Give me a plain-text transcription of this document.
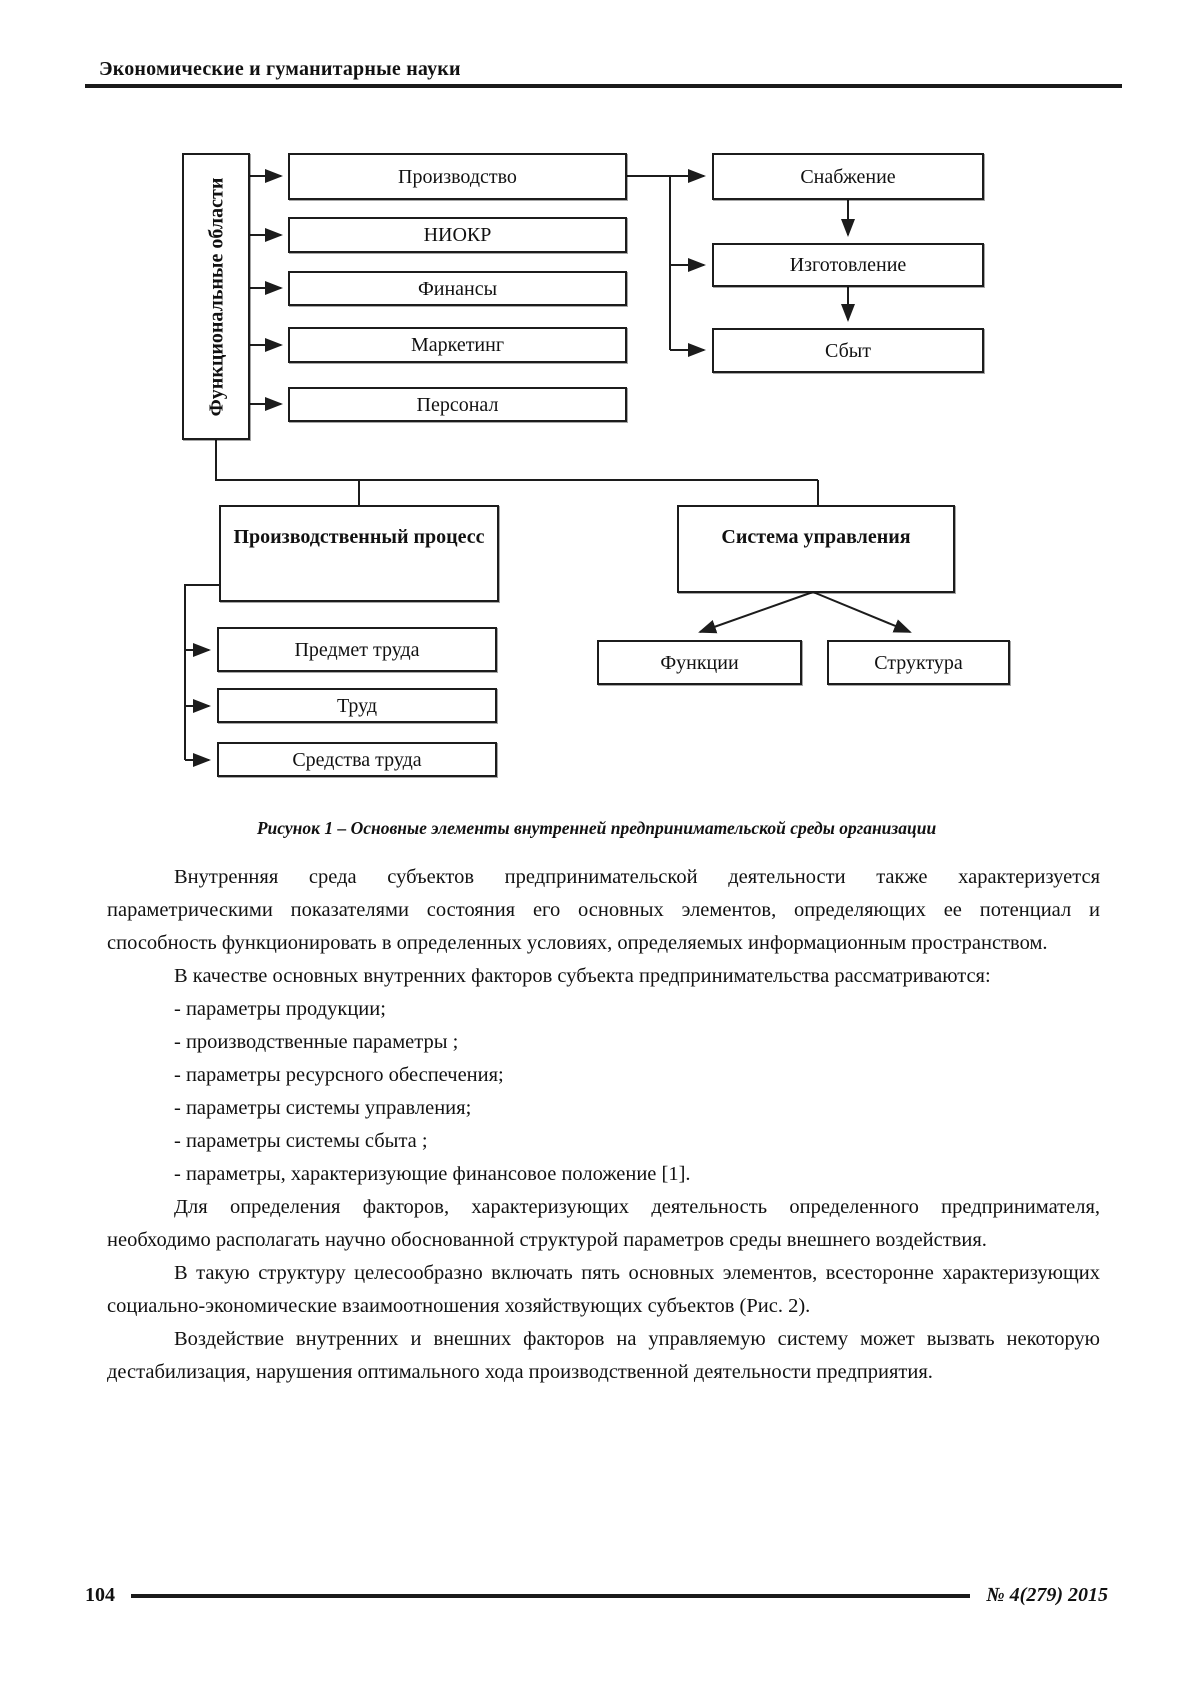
Экономические и гуманитарные науки
Функциональные области
Производство
НИОКР
Финансы
Маркетинг
Персонал
Снабжение
Изготовление
Сбыт
Производственный процесс	Система управления
Предмет труда
Труд
Средства труда
Функции	Структура
Рисунок 1 – Основные элементы внутренней предпринимательской среды организации

Внутренняя среда субъектов предпринимательской деятельности также характеризуется параметрическими показателями состояния его основных элементов, определяющих ее потенциал и способность функционировать в определенных условиях, определяемых информационным пространством.

В качестве основных внутренних факторов субъекта предпринимательства рассматриваются:

- параметры продукции;

- производственные параметры ;

- параметры ресурсного обеспечения;

- параметры системы управления;

- параметры системы сбыта ;

- параметры, характеризующие финансовое положение [1].

Для определения факторов, характеризующих деятельность определенного предпринимателя, необходимо располагать научно обоснованной структурой параметров среды внешнего воздействия.

В такую структуру целесообразно включать пять основных элементов, всесторонне характеризующих социально-экономические взаимоотношения хозяйствующих субъектов (Рис. 2).

Воздействие внутренних и внешних факторов на управляемую систему может вызвать некоторую дестабилизация, нарушения оптимального хода производственной деятельности предприятия.

104	№ 4(279) 2015
